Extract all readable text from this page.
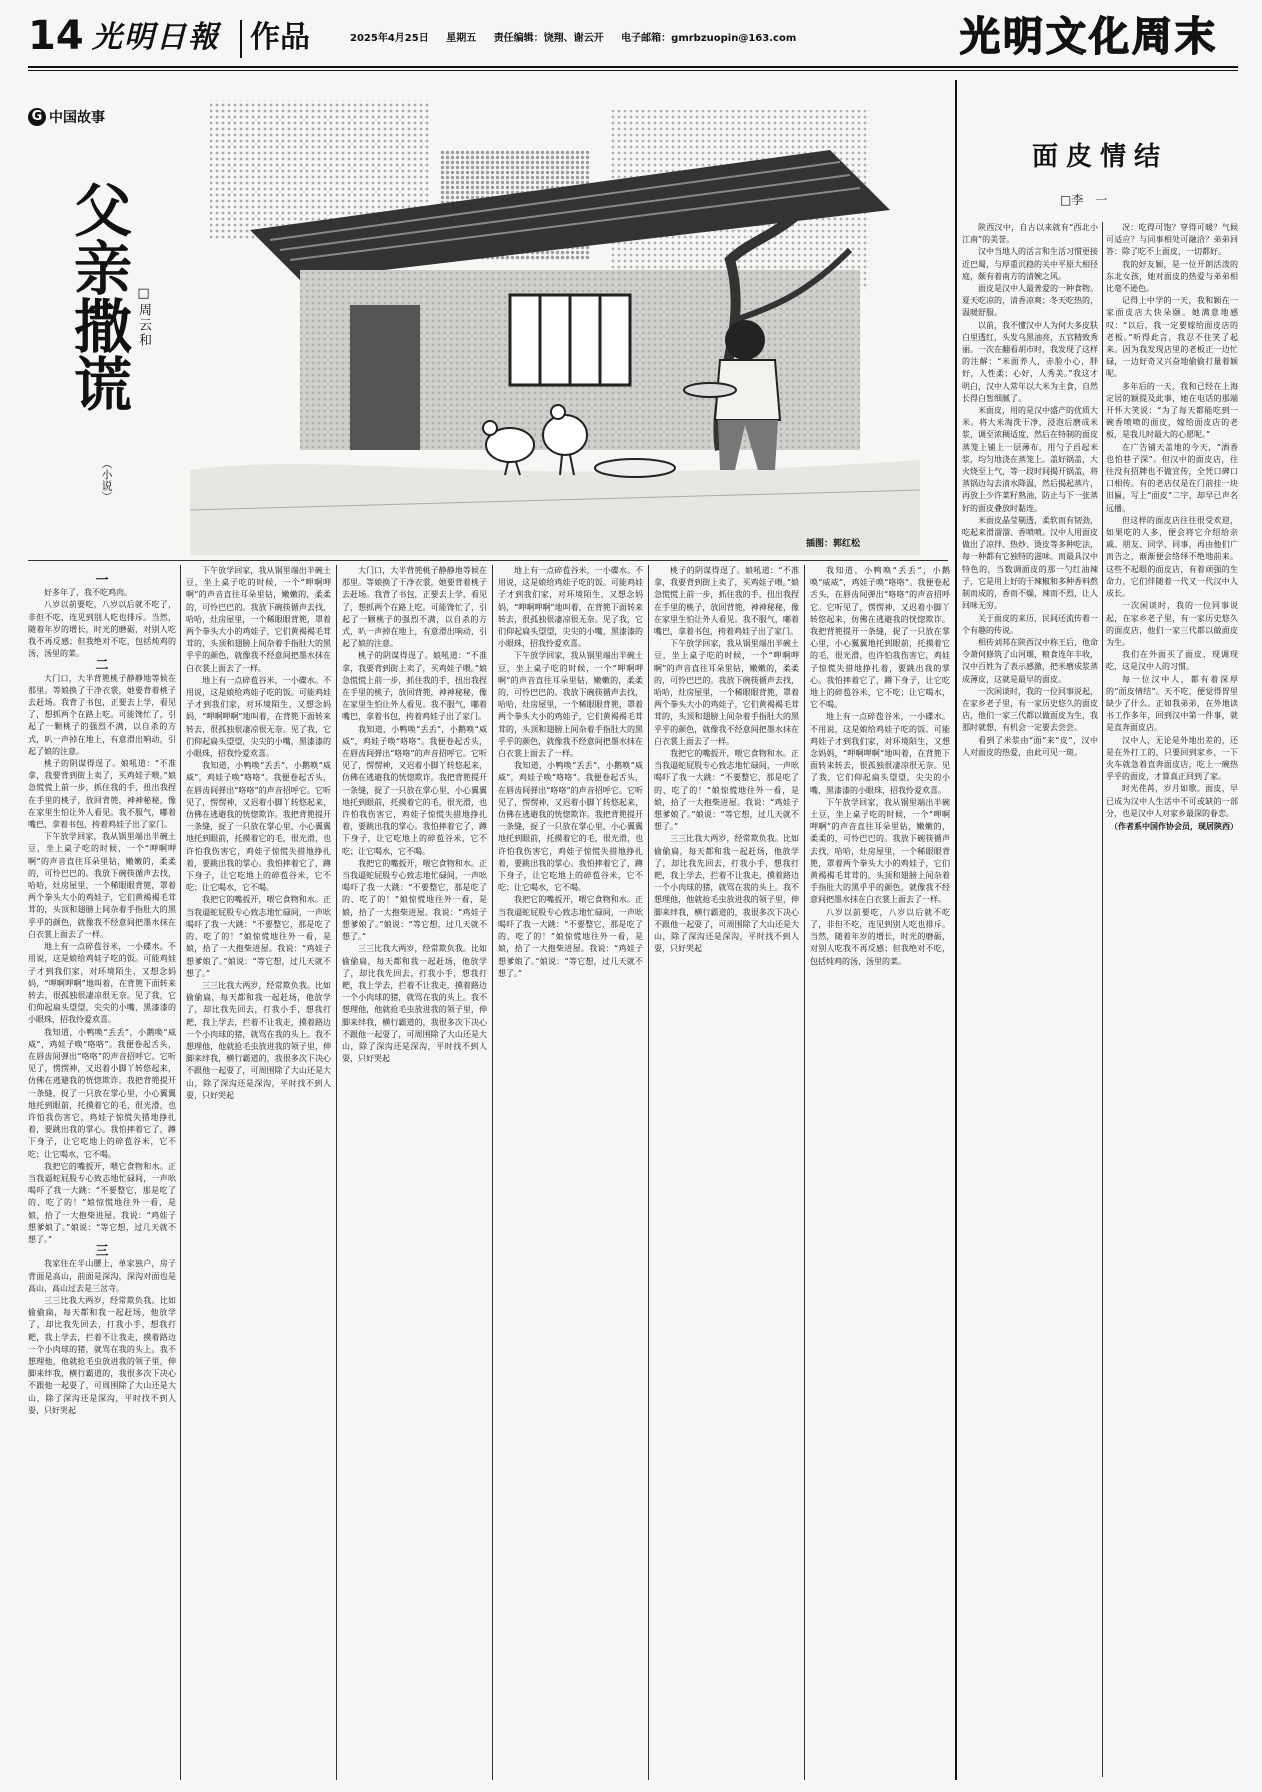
14 光明日報 作品	2025年4月25日 星期五 责任编辑：饶翔、谢云开 电子邮箱：gmrbzuopin@163.com	光明文化周末
G 中国故事
父亲撒谎 □周云和
（小说）
插图：郭红松

一

好多年了，我不吃鸡肉。

八岁以前要吃，八岁以后就不吃了，非但不吃，连见到别人吃也排斥。当然，随着年岁的增长，时光的磨砺，对别人吃我不再反感；但我绝对不吃，包括炖鸡的汤，汤里的菜。

二

大门口，大半背篼桃子静静地等候在那里。等娘换了干净衣裳，她要背着桃子去赶场。我背了书包，正要去上学，看见了，想抓两个在路上吃。可能馋忙了，引起了一颗桃子的强烈不满，以自杀的方式，叭一声掉在地上，有意滑出响动，引起了娘的注意。

桃子的阴谋得逞了。娘吼道：“不准拿，我要背到街上卖了，买鸡娃子喂。”娘急慌慌上前一步，抓住我的手，扭出我捏在手里的桃子，放回背篼，神神秘秘，像在家里生怕让外人看见。我不服气，嘟着嘴巴，拿着书包，挎着鸡娃子出了家门。

下午放学回家，我从锅里端出半碗土豆，坐上桌子吃的时候，一个“呷啊呷啊”的声音直往耳朵里钻，嫩嫩的，柔柔的，可怜巴巴的。我放下碗筷循声去找，哈哈，灶房屋里，一个稀眼眼背篼，罩着两个拳头大小的鸡娃子，它们黄褐褐毛茸茸的，头顶和翅膀上间杂着手指肚大的黑乎乎的颜色，就像我不经意间把墨水抹在白衣裳上面去了一样。

地上有一点碎苞谷米，一小碟水。不用说，这是娘给鸡娃子吃的饭。可能鸡娃子才到我们家，对环境陌生，又想念妈妈，“呷啊呷啊”地叫着，在背篼下面转来转去，很孤独很凄凉很无奈。见了我，它们仰起扁头望望，尖尖的小嘴，黑漆漆的小眼珠，招我怜爱欢喜。

我知道，小鸭唤“丢丢”，小鹅唤“威威”，鸡娃子唤“咯咯”。我便卷起舌头，在唇齿间弹出“咯咯”的声音招呼它。它听见了，愣愣神，又迟着小脚丫转悠起来，仿佛在逃避我的恍惚欺诈。我把背篼提开一条缝，捉了一只放在掌心里，小心翼翼地托到眼前，托摸着它的毛，很光滑，也许怕我伤害它，鸡娃子惊慌失措地挣扎着，要跳出我的掌心。我怕摔着它了，蹲下身子，让它吃地上的碎苞谷米，它不吃；让它喝水，它不喝。

我把它的嘴扳开，喂它食物和水。正当我逼蛇屁股专心致志地忙碌间，一声吆喝吓了我一大跳：“不要整它，那是吃了的、吃了的！”娘惊慌地往外一看，是娘，拾了一大抱柴进屋。我说：“鸡娃子想爹娘了。”娘说：“等它想，过几天就不想了。”

三

我家住在半山腰上，单家独户，房子背面是高山，前面是深沟，深沟对面也是高山，高山过去是三岔寺。

三三比我大两岁，经常欺负我。比如偷偷扁，每天都和我一起赶场，他放学了，却比我先回去，打我小手，想我打耙，我上学去，拦着不让我走，摸着路边一个小肉球的猪，就骂在我的头上。我不想理他，他就抢毛虫放进我的领子里，伸脚来绊我，横行霸道的，我很多次下决心不跟他一起耍了，可周围除了大山还是大山，除了深沟还是深沟，平时找不到人耍，只好哭起

下午放学回家，我从锅里端出半碗土豆，坐上桌子吃的时候，一个“呷啊呷啊”的声音直往耳朵里钻，嫩嫩的，柔柔的，可怜巴巴的。我放下碗筷循声去找，哈哈，灶房屋里，一个稀眼眼背篼，罩着两个拳头大小的鸡娃子，它们黄褐褐毛茸茸的，头顶和翅膀上间杂着手指肚大的黑乎乎的颜色，就像我不经意间把墨水抹在白衣裳上面去了一样。

地上有一点碎苞谷米，一小碟水。不用说，这是娘给鸡娃子吃的饭。可能鸡娃子才到我们家，对环境陌生，又想念妈妈，“呷啊呷啊”地叫着，在背篼下面转来转去，很孤独很凄凉很无奈。见了我，它们仰起扁头望望，尖尖的小嘴，黑漆漆的小眼珠，招我怜爱欢喜。

我知道，小鸭唤“丢丢”，小鹅唤“威威”，鸡娃子唤“咯咯”。我便卷起舌头，在唇齿间弹出“咯咯”的声音招呼它。它听见了，愣愣神，又迟着小脚丫转悠起来，仿佛在逃避我的恍惚欺诈。我把背篼提开一条缝，捉了一只放在掌心里，小心翼翼地托到眼前，托摸着它的毛，很光滑，也许怕我伤害它，鸡娃子惊慌失措地挣扎着，要跳出我的掌心。我怕摔着它了，蹲下身子，让它吃地上的碎苞谷米，它不吃；让它喝水，它不喝。

我把它的嘴扳开，喂它食物和水。正当我逼蛇屁股专心致志地忙碌间，一声吆喝吓了我一大跳：“不要整它，那是吃了的、吃了的！”娘惊慌地往外一看，是娘，拾了一大抱柴进屋。我说：“鸡娃子想爹娘了。”娘说：“等它想，过几天就不想了。”

三三比我大两岁，经常欺负我。比如偷偷扁，每天都和我一起赶场，他放学了，却比我先回去，打我小手，想我打耙，我上学去，拦着不让我走，摸着路边一个小肉球的猪，就骂在我的头上。我不想理他，他就抢毛虫放进我的领子里，伸脚来绊我，横行霸道的，我很多次下决心不跟他一起耍了，可周围除了大山还是大山，除了深沟还是深沟，平时找不到人耍，只好哭起

大门口，大半背篼桃子静静地等候在那里。等娘换了干净衣裳，她要背着桃子去赶场。我背了书包，正要去上学，看见了，想抓两个在路上吃。可能馋忙了，引起了一颗桃子的强烈不满，以自杀的方式，叭一声掉在地上，有意滑出响动，引起了娘的注意。

桃子的阴谋得逞了。娘吼道：“不准拿，我要背到街上卖了，买鸡娃子喂。”娘急慌慌上前一步，抓住我的手，扭出我捏在手里的桃子，放回背篼，神神秘秘，像在家里生怕让外人看见。我不服气，嘟着嘴巴，拿着书包，挎着鸡娃子出了家门。

我知道，小鸭唤“丢丢”，小鹅唤“威威”，鸡娃子唤“咯咯”。我便卷起舌头，在唇齿间弹出“咯咯”的声音招呼它。它听见了，愣愣神，又迟着小脚丫转悠起来，仿佛在逃避我的恍惚欺诈。我把背篼提开一条缝，捉了一只放在掌心里，小心翼翼地托到眼前，托摸着它的毛，很光滑，也许怕我伤害它，鸡娃子惊慌失措地挣扎着，要跳出我的掌心。我怕摔着它了，蹲下身子，让它吃地上的碎苞谷米，它不吃；让它喝水，它不喝。

我把它的嘴扳开，喂它食物和水。正当我逼蛇屁股专心致志地忙碌间，一声吆喝吓了我一大跳：“不要整它，那是吃了的、吃了的！”娘惊慌地往外一看，是娘，拾了一大抱柴进屋。我说：“鸡娃子想爹娘了。”娘说：“等它想，过几天就不想了。”

三三比我大两岁，经常欺负我。比如偷偷扁，每天都和我一起赶场，他放学了，却比我先回去，打我小手，想我打耙，我上学去，拦着不让我走，摸着路边一个小肉球的猪，就骂在我的头上。我不想理他，他就抢毛虫放进我的领子里，伸脚来绊我，横行霸道的，我很多次下决心不跟他一起耍了，可周围除了大山还是大山，除了深沟还是深沟，平时找不到人耍，只好哭起

地上有一点碎苞谷米，一小碟水。不用说，这是娘给鸡娃子吃的饭。可能鸡娃子才到我们家，对环境陌生，又想念妈妈，“呷啊呷啊”地叫着，在背篼下面转来转去，很孤独很凄凉很无奈。见了我，它们仰起扁头望望，尖尖的小嘴，黑漆漆的小眼珠，招我怜爱欢喜。

下午放学回家，我从锅里端出半碗土豆，坐上桌子吃的时候，一个“呷啊呷啊”的声音直往耳朵里钻，嫩嫩的，柔柔的，可怜巴巴的。我放下碗筷循声去找，哈哈，灶房屋里，一个稀眼眼背篼，罩着两个拳头大小的鸡娃子，它们黄褐褐毛茸茸的，头顶和翅膀上间杂着手指肚大的黑乎乎的颜色，就像我不经意间把墨水抹在白衣裳上面去了一样。

我知道，小鸭唤“丢丢”，小鹅唤“威威”，鸡娃子唤“咯咯”。我便卷起舌头，在唇齿间弹出“咯咯”的声音招呼它。它听见了，愣愣神，又迟着小脚丫转悠起来，仿佛在逃避我的恍惚欺诈。我把背篼提开一条缝，捉了一只放在掌心里，小心翼翼地托到眼前，托摸着它的毛，很光滑，也许怕我伤害它，鸡娃子惊慌失措地挣扎着，要跳出我的掌心。我怕摔着它了，蹲下身子，让它吃地上的碎苞谷米，它不吃；让它喝水，它不喝。

我把它的嘴扳开，喂它食物和水。正当我逼蛇屁股专心致志地忙碌间，一声吆喝吓了我一大跳：“不要整它，那是吃了的、吃了的！”娘惊慌地往外一看，是娘，拾了一大抱柴进屋。我说：“鸡娃子想爹娘了。”娘说：“等它想，过几天就不想了。”

桃子的阴谋得逞了。娘吼道：“不准拿，我要背到街上卖了，买鸡娃子喂。”娘急慌慌上前一步，抓住我的手，扭出我捏在手里的桃子，放回背篼，神神秘秘，像在家里生怕让外人看见。我不服气，嘟着嘴巴，拿着书包，挎着鸡娃子出了家门。

下午放学回家，我从锅里端出半碗土豆，坐上桌子吃的时候，一个“呷啊呷啊”的声音直往耳朵里钻，嫩嫩的，柔柔的，可怜巴巴的。我放下碗筷循声去找，哈哈，灶房屋里，一个稀眼眼背篼，罩着两个拳头大小的鸡娃子，它们黄褐褐毛茸茸的，头顶和翅膀上间杂着手指肚大的黑乎乎的颜色，就像我不经意间把墨水抹在白衣裳上面去了一样。

我把它的嘴扳开，喂它食物和水。正当我逼蛇屁股专心致志地忙碌间，一声吆喝吓了我一大跳：“不要整它，那是吃了的、吃了的！”娘惊慌地往外一看，是娘，拾了一大抱柴进屋。我说：“鸡娃子想爹娘了。”娘说：“等它想，过几天就不想了。”

三三比我大两岁，经常欺负我。比如偷偷扁，每天都和我一起赶场，他放学了，却比我先回去，打我小手，想我打耙，我上学去，拦着不让我走，摸着路边一个小肉球的猪，就骂在我的头上。我不想理他，他就抢毛虫放进我的领子里，伸脚来绊我，横行霸道的，我很多次下决心不跟他一起耍了，可周围除了大山还是大山，除了深沟还是深沟，平时找不到人耍，只好哭起

我知道，小鸭唤“丢丢”，小鹅唤“威威”，鸡娃子唤“咯咯”。我便卷起舌头，在唇齿间弹出“咯咯”的声音招呼它。它听见了，愣愣神，又迟着小脚丫转悠起来，仿佛在逃避我的恍惚欺诈。我把背篼提开一条缝，捉了一只放在掌心里，小心翼翼地托到眼前，托摸着它的毛，很光滑，也许怕我伤害它，鸡娃子惊慌失措地挣扎着，要跳出我的掌心。我怕摔着它了，蹲下身子，让它吃地上的碎苞谷米，它不吃；让它喝水，它不喝。

地上有一点碎苞谷米，一小碟水。不用说，这是娘给鸡娃子吃的饭。可能鸡娃子才到我们家，对环境陌生，又想念妈妈，“呷啊呷啊”地叫着，在背篼下面转来转去，很孤独很凄凉很无奈。见了我，它们仰起扁头望望，尖尖的小嘴，黑漆漆的小眼珠，招我怜爱欢喜。

下午放学回家，我从锅里端出半碗土豆，坐上桌子吃的时候，一个“呷啊呷啊”的声音直往耳朵里钻，嫩嫩的，柔柔的，可怜巴巴的。我放下碗筷循声去找，哈哈，灶房屋里，一个稀眼眼背篼，罩着两个拳头大小的鸡娃子，它们黄褐褐毛茸茸的，头顶和翅膀上间杂着手指肚大的黑乎乎的颜色，就像我不经意间把墨水抹在白衣裳上面去了一样。

八岁以前要吃，八岁以后就不吃了，非但不吃，连见到别人吃也排斥。当然，随着年岁的增长，时光的磨砺，对别人吃我不再反感；但我绝对不吃，包括炖鸡的汤，汤里的菜。

面皮情结
□李　一

陕西汉中，自古以来就有“西北小江南”的美誉。

汉中当地人的活言和生活习惯更接近巴蜀，与厚重沉稳的关中平原大相径庭，颇有着南方的清婉之风。

面皮是汉中人最普爱的一种食物。夏天吃凉的，清香凉爽；冬天吃热的，温暖舒服。

以前，我不懂汉中人为何大多皮肤白里透红，头发乌黑油亮，五官精致秀丽。一次在翻看胡市时，我发现了这样的注解：“米面养人，赤脸小心，胖好，人性柔；心好，人秀美。”我这才明白，汉中人常年以大米为主食，自然长得白皙细腻了。

米面皮，用的是汉中盛产的优质大米。将大米淘洗干净，浸泡后磨成米浆，调至浓稠适度，然后在特制的面皮蒸笼上铺上一层薄布，用勺子舀起米浆，均匀地浇在蒸笼上。盖好锅盖，大火烧至上气，等一段时间揭开锅盖，将蒸锅边勾去清水降温，然后揭起蒸片，再放上少许菜籽熟油，防止与下一张蒸好的面皮叠放时黏连。

米面皮晶莹剔透，柔软而有韧劲，吃起来滑溜溜、香喷喷。汉中人用面皮做出了凉拌、热炒、烫皮等多种吃法，每一种都有它独特的滋味。而最具汉中特色的，当数调面皮的那一勺红油辣子，它是用上好的干辣椒和多种香料熬制而成的，香而不燥，辣而不烈，让人回味无穷。

关于面皮的来历，民间还流传着一个有趣的传说。

相传刘邦在陕西汉中称王后，他命令萧何修筑了山河堰，粮食连年丰收，汉中百姓为了表示感激，把米磨成浆蒸成薄皮，这就是最早的面皮。

一次闲谈时，我的一位同事说起，在家乡老子里，有一家历史悠久的面皮店，他们一家三代都以做面皮为生，我那时就想，有机会一定要去尝尝。

看到了米浆由“面”来“皮”，汉中人对面皮的热爱，由此可见一斑。

况：吃得可饱？穿得可暖？气候可适应？与同事相处可融洽？弟弟回答：除了吃不上面皮，一切都好。

我的好友颖，是一位开朗活泼的东北女孩，她对面皮的热爱与弟弟相比毫不逊色。

记得上中学的一天，我和颖在一家面皮店大快朵颐。她满意地感叹：“以后，我一定要嫁给面皮店的老板。”听得此言，我忍不住笑了起来。因为我发现店里的老板正一边忙碌，一边好奇又兴奋地偷偷打量着颖呢。

多年后的一天，我和已经在上海定居的颖提及此事，她在电话的那端开怀大笑说：“为了每天都能吃到一碗香喷喷的面皮，嫁给面皮店的老板，是我儿时最大的心愿呢。”

在广告铺天盖地的今天，“酒香也怕巷子深”。但汉中的面皮店，往往没有招牌也不做宣传，全凭口碑口口相传。有的老店仅是在门前挂一块旧匾，写上“面皮”二字，却早已声名远播。

但这样的面皮店往往很受欢迎，如果吃的人多，便会将它介绍给亲戚、朋友、同学、同事，再由他们广而告之，渐渐便会络绎不绝地前来。这些不起眼的面皮店，有着顽强的生命力，它们伴随着一代又一代汉中人成长。

一次闲谈时，我的一位同事说起，在家乡老子里，有一家历史悠久的面皮店，他们一家三代都以做面皮为生。

我们在外面买了面皮，现调现吃，这是汉中人的习惯。

每一位汉中人，都有着深厚的“面皮情结”。天不吃，便觉得胃里缺少了什么。正如我弟弟，在外地读书工作多年，回到汉中第一件事，就是直奔面皮店。

汉中人，无论是外地出差的，还是在外打工的，只要回到家乡，一下火车就急着直奔面皮店，吃上一碗热乎乎的面皮，才算真正回到了家。

时光荏苒，岁月如歌。面皮，早已成为汉中人生活中不可或缺的一部分，也是汉中人对家乡最深的眷恋。

（作者系中国作协会员，现居陕西）
